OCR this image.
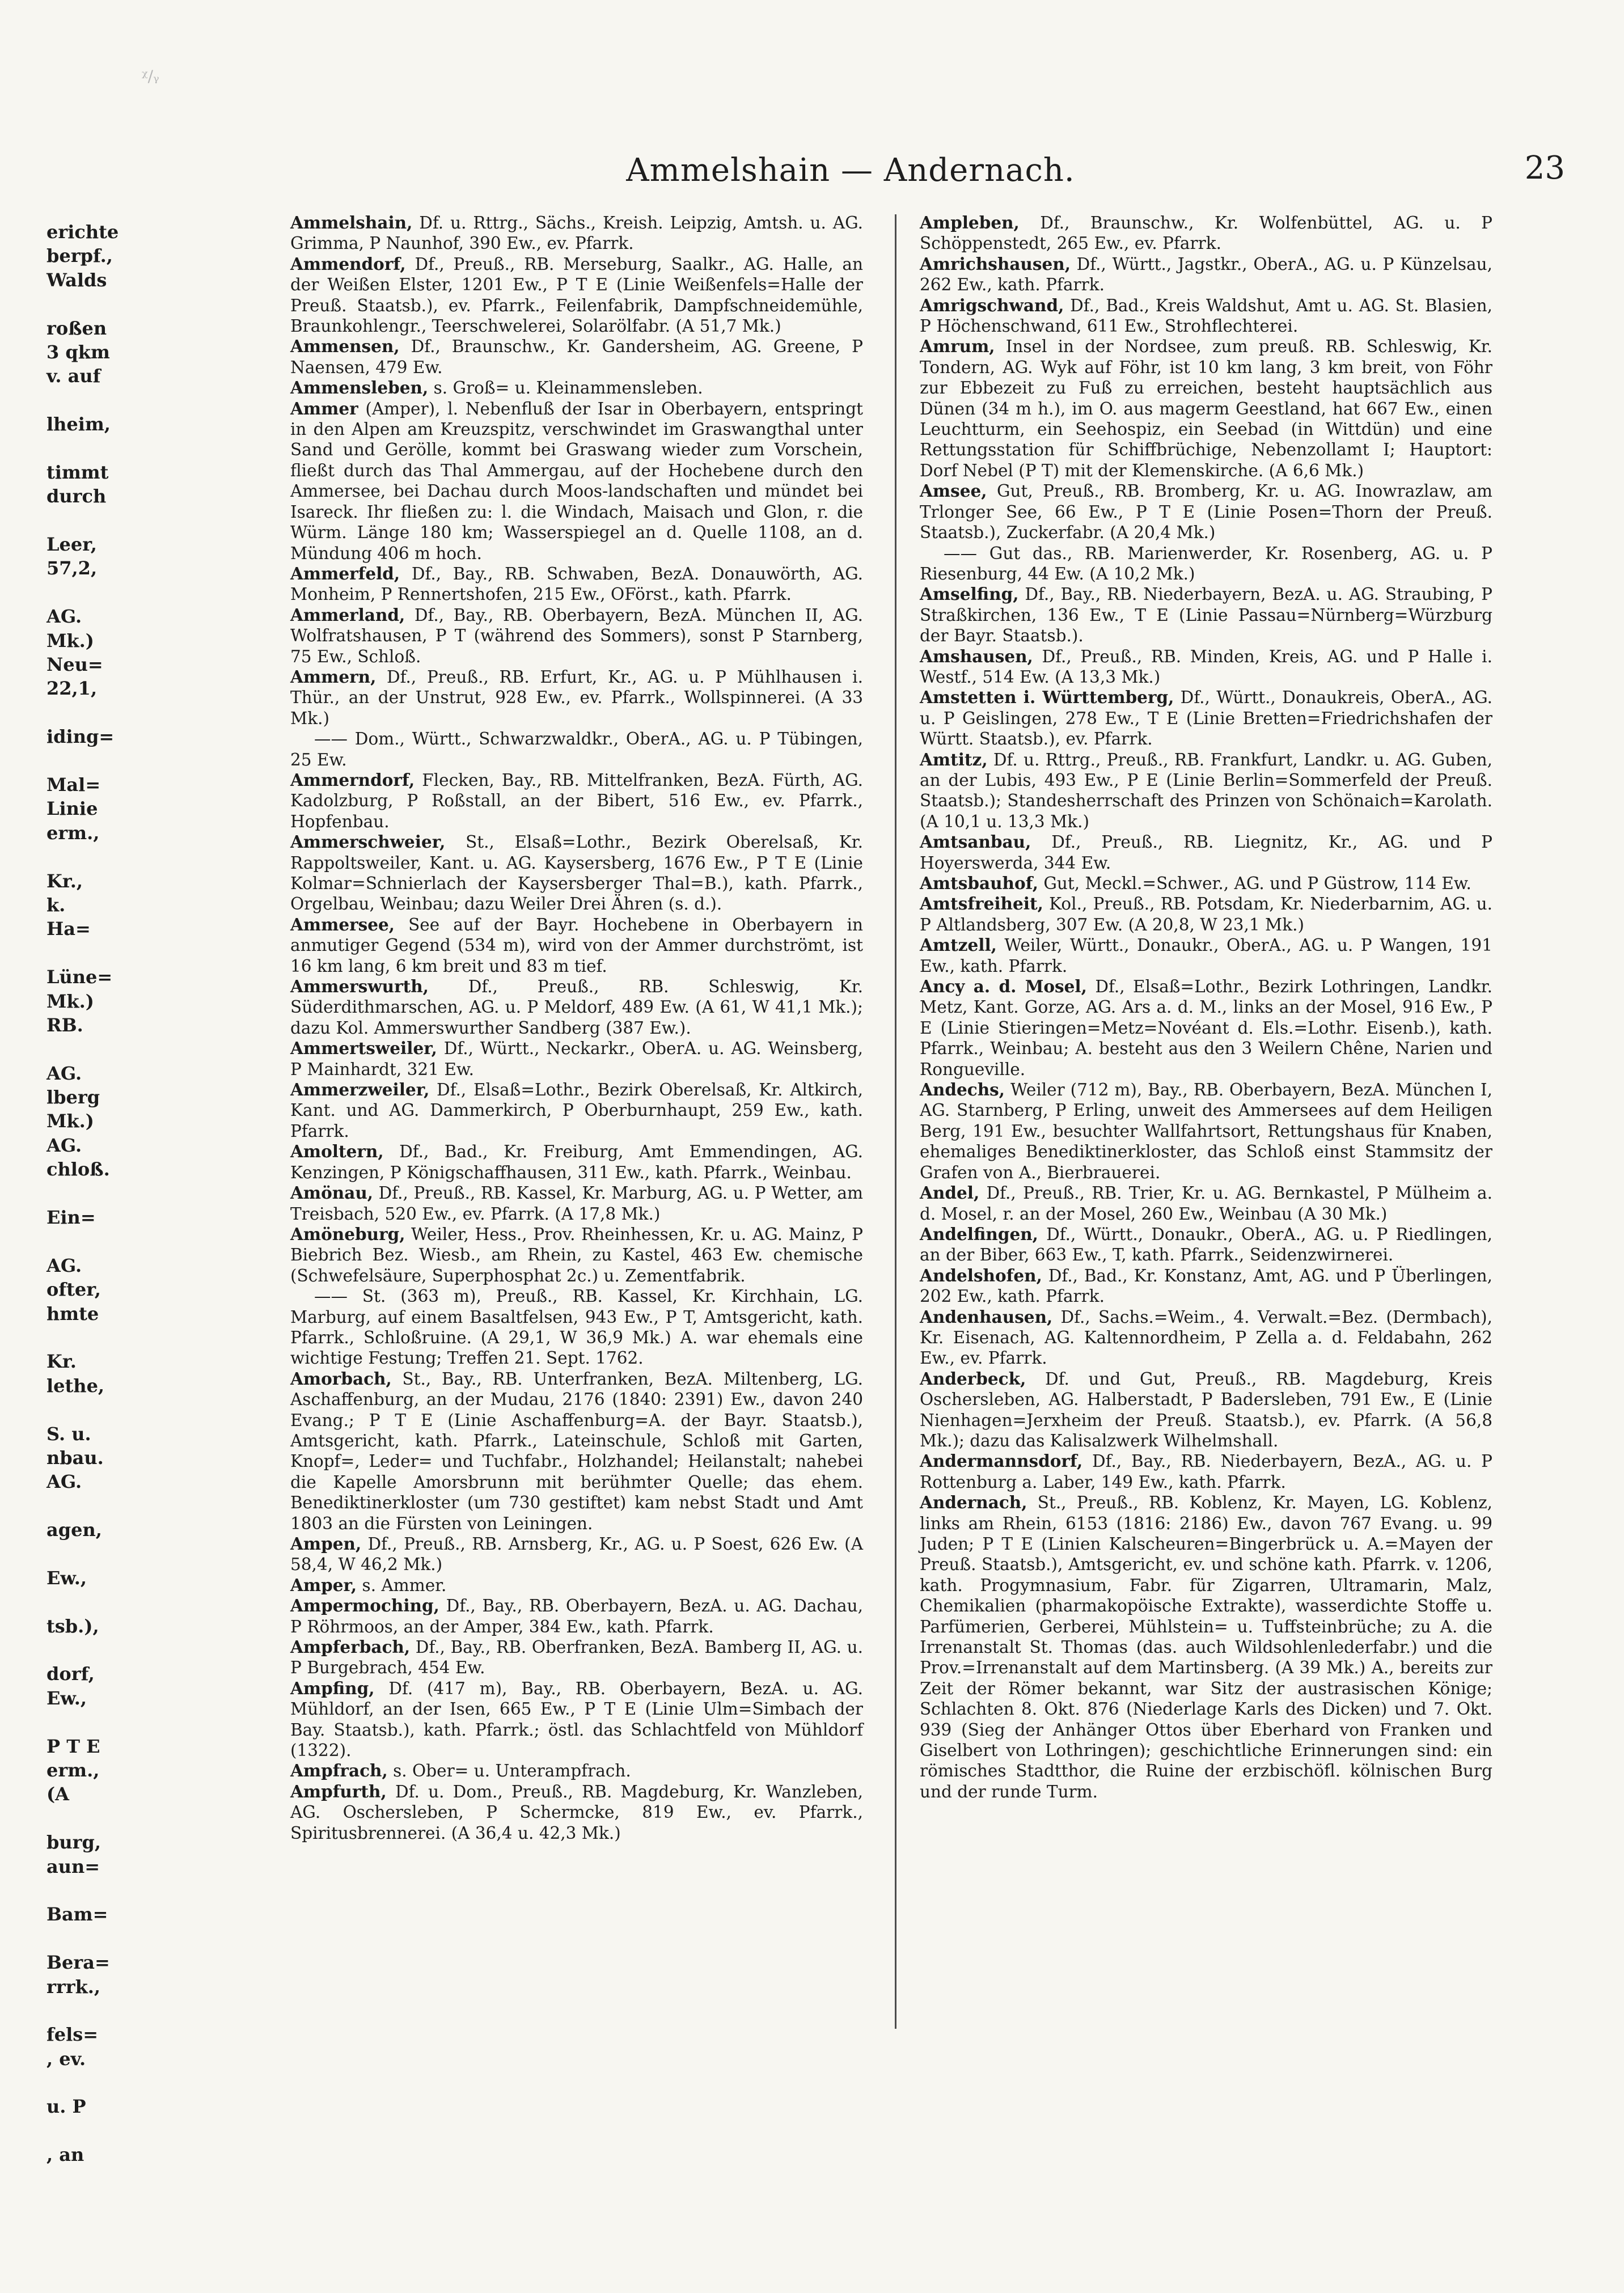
ᵡ/ᵧ
Ammelshain — Andernach.	23
erichte
berpf.,
Walds
roßen
3 qkm
v. auf
lheim,
timmt
durch
Leer,
57,2,
AG.
Mk.)
Neu=
22,1,
iding=
Mal=
Linie
erm.,
Kr.,
k.
Ha=
Lüne=
Mk.)
RB.
AG.
lberg
Mk.)
AG.
chloß.
Ein=
AG.
ofter,
hmte
Kr.
lethe,
S. u.
nbau.
AG.
agen,
Ew.,
tsb.),
dorf,
Ew.,
P T E
erm.,
(A
burg,
aun=
Bam=
Bera=
rrrk.,
fels=
, ev.
u. P
, an
Ammelshain, Df. u. Rttrg., Sächs., Kreish. Leipzig, Amtsh. u. AG. Grimma, P Naunhof, 390 Ew., ev. Pfarrk.
Ammendorf, Df., Preuß., RB. Merseburg, Saalkr., AG. Halle, an der Weißen Elster, 1201 Ew., P T E (Linie Weißenfels=Halle der Preuß. Staatsb.), ev. Pfarrk., Feilenfabrik, Dampfschneidemühle, Braunkohlengr., Teerschwelerei, Solarölfabr. (A 51,7 Mk.)
Ammensen, Df., Braunschw., Kr. Gandersheim, AG. Greene, P Naensen, 479 Ew.
Ammensleben, s. Groß= u. Kleinammensleben.
Ammer (Amper), l. Nebenfluß der Isar in Oberbayern, entspringt in den Alpen am Kreuzspitz, verschwindet im Graswangthal unter Sand und Gerölle, kommt bei Graswang wieder zum Vorschein, fließt durch das Thal Ammergau, auf der Hochebene durch den Ammersee, bei Dachau durch Moos-landschaften und mündet bei Isareck. Ihr fließen zu: l. die Windach, Maisach und Glon, r. die Würm. Länge 180 km; Wasserspiegel an d. Quelle 1108, an d. Mündung 406 m hoch.
Ammerfeld, Df., Bay., RB. Schwaben, BezA. Donauwörth, AG. Monheim, P Rennertshofen, 215 Ew., OFörst., kath. Pfarrk.
Ammerland, Df., Bay., RB. Oberbayern, BezA. München II, AG. Wolfratshausen, P T (während des Sommers), sonst P Starnberg, 75 Ew., Schloß.
Ammern, Df., Preuß., RB. Erfurt, Kr., AG. u. P Mühlhausen i. Thür., an der Unstrut, 928 Ew., ev. Pfarrk., Wollspinnerei. (A 33 Mk.)
—— Dom., Württ., Schwarzwaldkr., OberA., AG. u. P Tübingen, 25 Ew.
Ammerndorf, Flecken, Bay., RB. Mittelfranken, BezA. Fürth, AG. Kadolzburg, P Roßstall, an der Bibert, 516 Ew., ev. Pfarrk., Hopfenbau.
Ammerschweier, St., Elsaß=Lothr., Bezirk Oberelsaß, Kr. Rappoltsweiler, Kant. u. AG. Kaysersberg, 1676 Ew., P T E (Linie Kolmar=Schnierlach der Kaysersberger Thal=B.), kath. Pfarrk., Orgelbau, Weinbau; dazu Weiler Drei Ähren (s. d.).
Ammersee, See auf der Bayr. Hochebene in Oberbayern in anmutiger Gegend (534 m), wird von der Ammer durchströmt, ist 16 km lang, 6 km breit und 83 m tief.
Ammerswurth, Df., Preuß., RB. Schleswig, Kr. Süderdithmarschen, AG. u. P Meldorf, 489 Ew. (A 61, W 41,1 Mk.); dazu Kol. Ammerswurther Sandberg (387 Ew.).
Ammertsweiler, Df., Württ., Neckarkr., OberA. u. AG. Weinsberg, P Mainhardt, 321 Ew.
Ammerzweiler, Df., Elsaß=Lothr., Bezirk Oberelsaß, Kr. Altkirch, Kant. und AG. Dammerkirch, P Oberburnhaupt, 259 Ew., kath. Pfarrk.
Amoltern, Df., Bad., Kr. Freiburg, Amt Emmendingen, AG. Kenzingen, P Königschaffhausen, 311 Ew., kath. Pfarrk., Weinbau.
Amönau, Df., Preuß., RB. Kassel, Kr. Marburg, AG. u. P Wetter, am Treisbach, 520 Ew., ev. Pfarrk. (A 17,8 Mk.)
Amöneburg, Weiler, Hess., Prov. Rheinhessen, Kr. u. AG. Mainz, P Biebrich Bez. Wiesb., am Rhein, zu Kastel, 463 Ew. chemische (Schwefelsäure, Superphosphat 2c.) u. Zementfabrik.
—— St. (363 m), Preuß., RB. Kassel, Kr. Kirchhain, LG. Marburg, auf einem Basaltfelsen, 943 Ew., P T, Amtsgericht, kath. Pfarrk., Schloßruine. (A 29,1, W 36,9 Mk.) A. war ehemals eine wichtige Festung; Treffen 21. Sept. 1762.
Amorbach, St., Bay., RB. Unterfranken, BezA. Miltenberg, LG. Aschaffenburg, an der Mudau, 2176 (1840: 2391) Ew., davon 240 Evang.; P T E (Linie Aschaffenburg=A. der Bayr. Staatsb.), Amtsgericht, kath. Pfarrk., Lateinschule, Schloß mit Garten, Knopf=, Leder= und Tuchfabr., Holzhandel; Heilanstalt; nahebei die Kapelle Amorsbrunn mit berühmter Quelle; das ehem. Benediktinerkloster (um 730 gestiftet) kam nebst Stadt und Amt 1803 an die Fürsten von Leiningen.
Ampen, Df., Preuß., RB. Arnsberg, Kr., AG. u. P Soest, 626 Ew. (A 58,4, W 46,2 Mk.)
Amper, s. Ammer.
Ampermoching, Df., Bay., RB. Oberbayern, BezA. u. AG. Dachau, P Röhrmoos, an der Amper, 384 Ew., kath. Pfarrk.
Ampferbach, Df., Bay., RB. Oberfranken, BezA. Bamberg II, AG. u. P Burgebrach, 454 Ew.
Ampfing, Df. (417 m), Bay., RB. Oberbayern, BezA. u. AG. Mühldorf, an der Isen, 665 Ew., P T E (Linie Ulm=Simbach der Bay. Staatsb.), kath. Pfarrk.; östl. das Schlachtfeld von Mühldorf (1322).
Ampfrach, s. Ober= u. Unterampfrach.
Ampfurth, Df. u. Dom., Preuß., RB. Magdeburg, Kr. Wanzleben, AG. Oschersleben, P Schermcke, 819 Ew., ev. Pfarrk., Spiritusbrennerei. (A 36,4 u. 42,3 Mk.)
Ampleben, Df., Braunschw., Kr. Wolfenbüttel, AG. u. P Schöppenstedt, 265 Ew., ev. Pfarrk.
Amrichshausen, Df., Württ., Jagstkr., OberA., AG. u. P Künzelsau, 262 Ew., kath. Pfarrk.
Amrigschwand, Df., Bad., Kreis Waldshut, Amt u. AG. St. Blasien, P Höchenschwand, 611 Ew., Strohflechterei.
Amrum, Insel in der Nordsee, zum preuß. RB. Schleswig, Kr. Tondern, AG. Wyk auf Föhr, ist 10 km lang, 3 km breit, von Föhr zur Ebbezeit zu Fuß zu erreichen, besteht hauptsächlich aus Dünen (34 m h.), im O. aus magerm Geestland, hat 667 Ew., einen Leuchtturm, ein Seehospiz, ein Seebad (in Wittdün) und eine Rettungsstation für Schiffbrüchige, Nebenzollamt I; Hauptort: Dorf Nebel (P T) mit der Klemenskirche. (A 6,6 Mk.)
Amsee, Gut, Preuß., RB. Bromberg, Kr. u. AG. Inowrazlaw, am Trlonger See, 66 Ew., P T E (Linie Posen=Thorn der Preuß. Staatsb.), Zuckerfabr. (A 20,4 Mk.)
—— Gut das., RB. Marienwerder, Kr. Rosenberg, AG. u. P Riesenburg, 44 Ew. (A 10,2 Mk.)
Amselfing, Df., Bay., RB. Niederbayern, BezA. u. AG. Straubing, P Straßkirchen, 136 Ew., T E (Linie Passau=Nürnberg=Würzburg der Bayr. Staatsb.).
Amshausen, Df., Preuß., RB. Minden, Kreis, AG. und P Halle i. Westf., 514 Ew. (A 13,3 Mk.)
Amstetten i. Württemberg, Df., Württ., Donaukreis, OberA., AG. u. P Geislingen, 278 Ew., T E (Linie Bretten=Friedrichshafen der Württ. Staatsb.), ev. Pfarrk.
Amtitz, Df. u. Rttrg., Preuß., RB. Frankfurt, Landkr. u. AG. Guben, an der Lubis, 493 Ew., P E (Linie Berlin=Sommerfeld der Preuß. Staatsb.); Standesherrschaft des Prinzen von Schönaich=Karolath. (A 10,1 u. 13,3 Mk.)
Amtsanbau, Df., Preuß., RB. Liegnitz, Kr., AG. und P Hoyerswerda, 344 Ew.
Amtsbauhof, Gut, Meckl.=Schwer., AG. und P Güstrow, 114 Ew.
Amtsfreiheit, Kol., Preuß., RB. Potsdam, Kr. Niederbarnim, AG. u. P Altlandsberg, 307 Ew. (A 20,8, W 23,1 Mk.)
Amtzell, Weiler, Württ., Donaukr., OberA., AG. u. P Wangen, 191 Ew., kath. Pfarrk.
Ancy a. d. Mosel, Df., Elsaß=Lothr., Bezirk Lothringen, Landkr. Metz, Kant. Gorze, AG. Ars a. d. M., links an der Mosel, 916 Ew., P E (Linie Stieringen=Metz=Novéant d. Els.=Lothr. Eisenb.), kath. Pfarrk., Weinbau; A. besteht aus den 3 Weilern Chêne, Narien und Rongueville.
Andechs, Weiler (712 m), Bay., RB. Oberbayern, BezA. München I, AG. Starnberg, P Erling, unweit des Ammersees auf dem Heiligen Berg, 191 Ew., besuchter Wallfahrtsort, Rettungshaus für Knaben, ehemaliges Benediktinerkloster, das Schloß einst Stammsitz der Grafen von A., Bierbrauerei.
Andel, Df., Preuß., RB. Trier, Kr. u. AG. Bernkastel, P Mülheim a. d. Mosel, r. an der Mosel, 260 Ew., Weinbau (A 30 Mk.)
Andelfingen, Df., Württ., Donaukr., OberA., AG. u. P Riedlingen, an der Biber, 663 Ew., T, kath. Pfarrk., Seidenzwirnerei.
Andelshofen, Df., Bad., Kr. Konstanz, Amt, AG. und P Überlingen, 202 Ew., kath. Pfarrk.
Andenhausen, Df., Sachs.=Weim., 4. Verwalt.=Bez. (Dermbach), Kr. Eisenach, AG. Kaltennordheim, P Zella a. d. Feldabahn, 262 Ew., ev. Pfarrk.
Anderbeck, Df. und Gut, Preuß., RB. Magdeburg, Kreis Oschersleben, AG. Halberstadt, P Badersleben, 791 Ew., E (Linie Nienhagen=Jerxheim der Preuß. Staatsb.), ev. Pfarrk. (A 56,8 Mk.); dazu das Kalisalzwerk Wilhelmshall.
Andermannsdorf, Df., Bay., RB. Niederbayern, BezA., AG. u. P Rottenburg a. Laber, 149 Ew., kath. Pfarrk.
Andernach, St., Preuß., RB. Koblenz, Kr. Mayen, LG. Koblenz, links am Rhein, 6153 (1816: 2186) Ew., davon 767 Evang. u. 99 Juden; P T E (Linien Kalscheuren=Bingerbrück u. A.=Mayen der Preuß. Staatsb.), Amtsgericht, ev. und schöne kath. Pfarrk. v. 1206, kath. Progymnasium, Fabr. für Zigarren, Ultramarin, Malz, Chemikalien (pharmakopöische Extrakte), wasserdichte Stoffe u. Parfümerien, Gerberei, Mühlstein= u. Tuffsteinbrüche; zu A. die Irrenanstalt St. Thomas (das. auch Wildsohlenlederfabr.) und die Prov.=Irrenanstalt auf dem Martinsberg. (A 39 Mk.) A., bereits zur Zeit der Römer bekannt, war Sitz der austrasischen Könige; Schlachten 8. Okt. 876 (Niederlage Karls des Dicken) und 7. Okt. 939 (Sieg der Anhänger Ottos über Eberhard von Franken und Giselbert von Lothringen); geschichtliche Erinnerungen sind: ein römisches Stadtthor, die Ruine der erzbischöfl. kölnischen Burg und der runde Turm.
